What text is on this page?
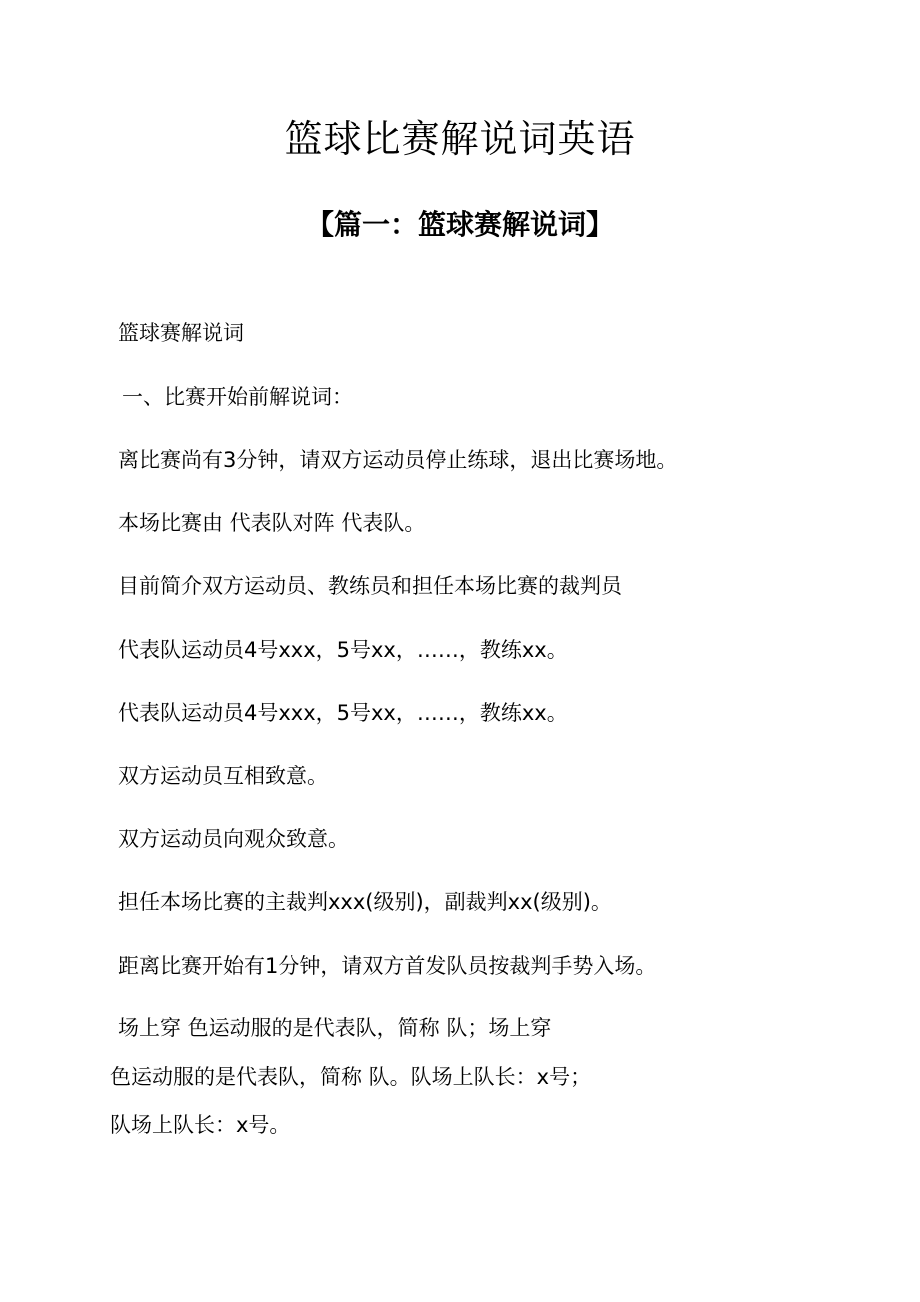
篮球比赛解说词英语
【篇一：篮球赛解说词】

篮球赛解说词

一、比赛开始前解说词：

离比赛尚有3分钟，请双方运动员停止练球，退出比赛场地。

本场比赛由 代表队对阵 代表队。

目前简介双方运动员、教练员和担任本场比赛的裁判员

代表队运动员4号xxx，5号xx，……，教练xx。

代表队运动员4号xxx，5号xx，……，教练xx。

双方运动员互相致意。

双方运动员向观众致意。

担任本场比赛的主裁判xxx(级别)，副裁判xx(级别)。

距离比赛开始有1分钟，请双方首发队员按裁判手势入场。

场上穿 色运动服的是代表队，简称 队；场上穿

色运动服的是代表队，简称 队。队场上队长：x号；

队场上队长：x号。
